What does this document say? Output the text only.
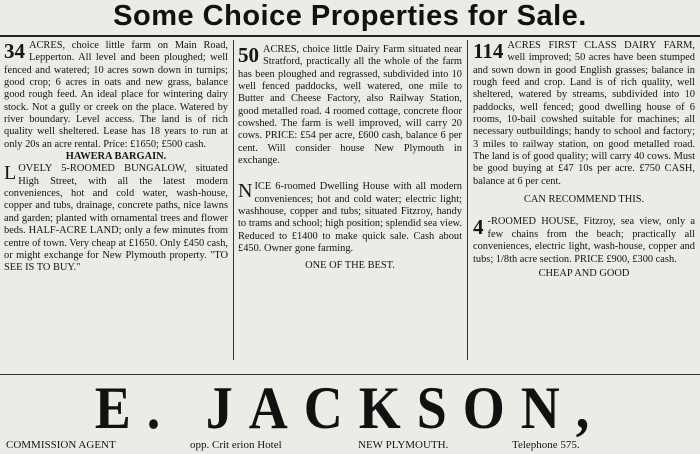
Some Choice Properties for Sale.

34 ACRES, choice little farm on Main Road, Lepperton. All level and been ploughed; well fenced and watered; 10 acres sown down in turnips; good crop; 6 acres in oats and new grass, balance good rough feed. An ideal place for wintering dairy stock. Not a gully or creek on the place. Watered by river boundary. Level access. The land is of rich quality well sheltered. Lease has 18 years to run at only 20s an acre rental. Price: £1650; £500 cash.

HAWERA BARGAIN.

LOVELY 5-ROOMED BUNGALOW, situated High Street, with all the latest modern conveniences, hot and cold water, wash-house, copper and tubs, drainage, concrete paths, nice lawns and garden; planted with ornamental trees and flower beds. HALF-ACRE LAND; only a few minutes from centre of town. Very cheap at £1650. Only £450 cash, or might exchange for New Plymouth property. "TO SEE IS TO BUY."

50 ACRES, choice little Dairy Farm situated near Stratford, practically all the whole of the farm has been ploughed and regrassed, subdivided into 10 well fenced paddocks, well watered, one mile to Butter and Cheese Factory, also Railway Station, good metalled road. 4 roomed cottage, concrete floor cowshed. The farm is well improved, will carry 20 cows. PRICE: £54 per acre, £600 cash, balance 6 per cent. Will consider house New Plymouth in exchange.

NICE 6-roomed Dwelling House with all modern conveniences; hot and cold water; electric light; washhouse, copper and tubs; situated Fitzroy, handy to trams and school; high position; splendid sea view. Reduced to £1400 to make quick sale. Cash about £450. Owner gone farming.

ONE OF THE BEST.

114 ACRES FIRST CLASS DAIRY FARM, well improved; 50 acres have been stumped and sown down in good English grasses; balance in rough feed and crop. Land is of rich quality, well sheltered, watered by streams, subdivided into 10 paddocks, well fenced; good dwelling house of 6 rooms, 10-bail cowshed suitable for machines; all necessary outbuildings; handy to school and factory; 3 miles to railway station, on good metalled road. The land is of good quality; will carry 40 cows. Must be good buying at £47 10s per acre. £750 CASH, balance at 6 per cent.

CAN RECOMMEND THIS.

4 -ROOMED HOUSE, Fitzroy, sea view, only a few chains from the beach; practically all conveniences, electric light, wash-house, copper and tubs; 1/8th acre section. PRICE £900, £300 cash.

CHEAP AND GOOD

E. JACKSON,
COMMISSION AGENT	opp. Crit erion Hotel	NEW PLYMOUTH.	Telephone 575.
